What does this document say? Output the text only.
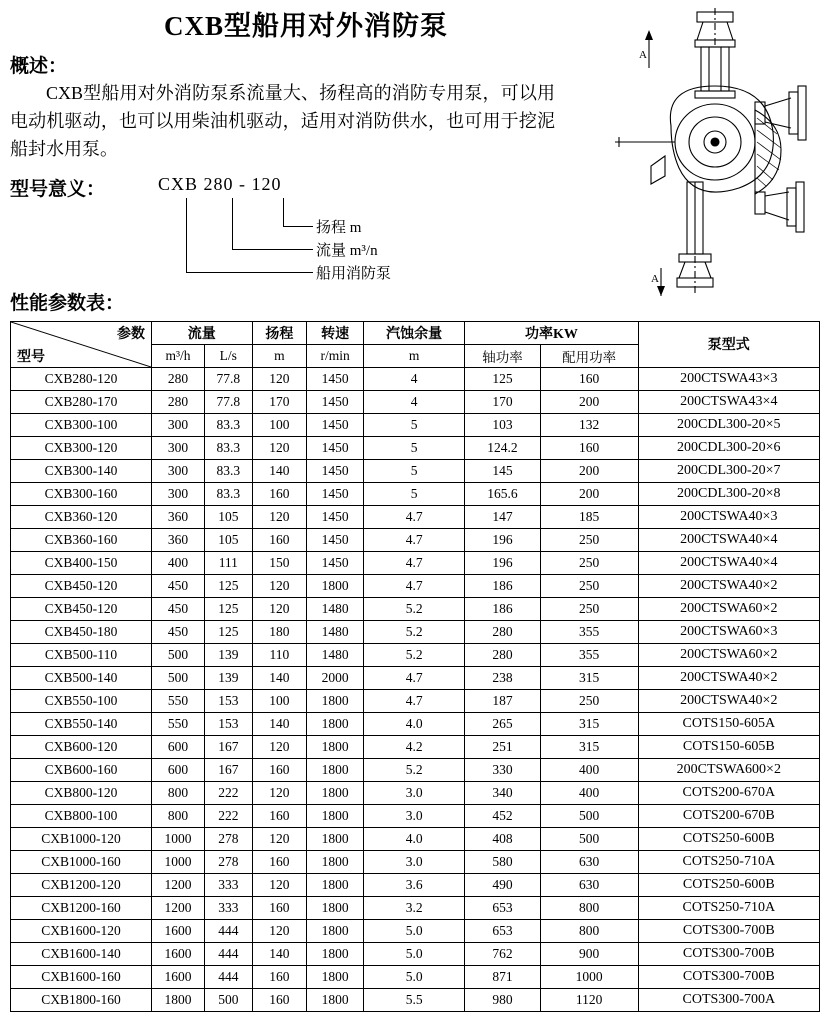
CXB型船用对外消防泵
概述：
CXB型船用对外消防泵系流量大、扬程高的消防专用泵，可以用电动机驱动，也可以用柴油机驱动，适用对消防供水，也可用于挖泥船封水用泵。
型号意义：	CXB 280 - 120
扬程 m
流量 m³/n
船用消防泵
性能参数表：
A
A
参数
型号	流量		扬程	转速	汽蚀余量	功率KW		泵型式
	m³/h	L/s	m	r/min	m	轴功率	配用功率	
CXB280-120	280	77.8	120	1450	4	125	160	200CTSWA43×3
CXB280-170	280	77.8	170	1450	4	170	200	200CTSWA43×4
CXB300-100	300	83.3	100	1450	5	103	132	200CDL300-20×5
CXB300-120	300	83.3	120	1450	5	124.2	160	200CDL300-20×6
CXB300-140	300	83.3	140	1450	5	145	200	200CDL300-20×7
CXB300-160	300	83.3	160	1450	5	165.6	200	200CDL300-20×8
CXB360-120	360	105	120	1450	4.7	147	185	200CTSWA40×3
CXB360-160	360	105	160	1450	4.7	196	250	200CTSWA40×4
CXB400-150	400	111	150	1450	4.7	196	250	200CTSWA40×4
CXB450-120	450	125	120	1800	4.7	186	250	200CTSWA40×2
CXB450-120	450	125	120	1480	5.2	186	250	200CTSWA60×2
CXB450-180	450	125	180	1480	5.2	280	355	200CTSWA60×3
CXB500-110	500	139	110	1480	5.2	280	355	200CTSWA60×2
CXB500-140	500	139	140	2000	4.7	238	315	200CTSWA40×2
CXB550-100	550	153	100	1800	4.7	187	250	200CTSWA40×2
CXB550-140	550	153	140	1800	4.0	265	315	COTS150-605A
CXB600-120	600	167	120	1800	4.2	251	315	COTS150-605B
CXB600-160	600	167	160	1800	5.2	330	400	200CTSWA600×2
CXB800-120	800	222	120	1800	3.0	340	400	COTS200-670A
CXB800-100	800	222	160	1800	3.0	452	500	COTS200-670B
CXB1000-120	1000	278	120	1800	4.0	408	500	COTS250-600B
CXB1000-160	1000	278	160	1800	3.0	580	630	COTS250-710A
CXB1200-120	1200	333	120	1800	3.6	490	630	COTS250-600B
CXB1200-160	1200	333	160	1800	3.2	653	800	COTS250-710A
CXB1600-120	1600	444	120	1800	5.0	653	800	COTS300-700B
CXB1600-140	1600	444	140	1800	5.0	762	900	COTS300-700B
CXB1600-160	1600	444	160	1800	5.0	871	1000	COTS300-700B
CXB1800-160	1800	500	160	1800	5.5	980	1120	COTS300-700A
